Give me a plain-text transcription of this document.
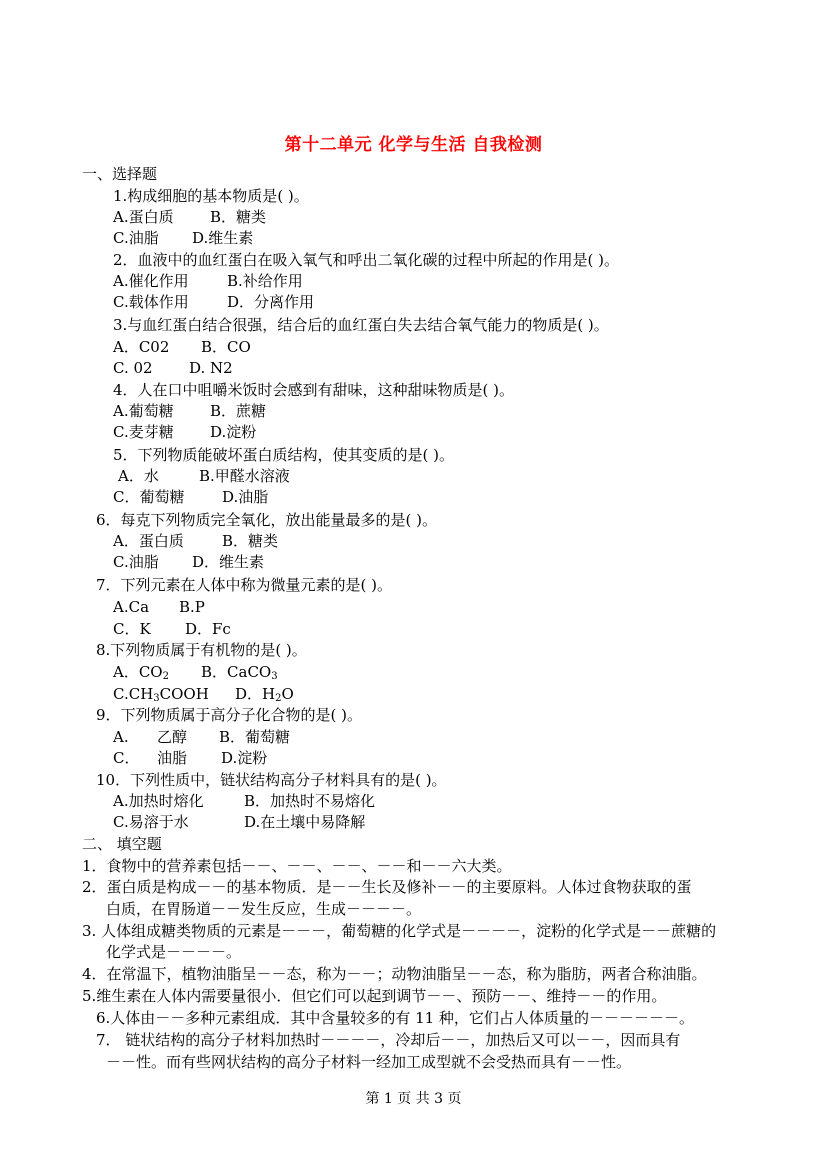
第十二单元 化学与生活 自我检测
一、选择题
1.构成细胞的基本物质是( )。
A.蛋白质 B．糖类
C.油脂 D.维生素
2．血液中的血红蛋白在吸入氧气和呼出二氧化碳的过程中所起的作用是( )。
A.催化作用	B.补给作用
C.载体作用	D．分离作用
3.与血红蛋白结合很强，结合后的血红蛋白失去结合氧气能力的物质是( )。
A．C02 B．CO
C. 02 D. N2
4．人在口中咀嚼米饭时会感到有甜味，这种甜味物质是( )。
A.葡萄糖 B．蔗糖
C.麦芽糖 D.淀粉
5．下列物质能破坏蛋白质结构，使其变质的是( )。
A．水	B.甲醛水溶液
C．葡萄糖	D.油脂
6．每克下列物质完全氧化，放出能量最多的是( )。
A．蛋白质	B．糖类
C.油脂 D．维生素
7．下列元素在人体中称为微量元素的是( )。
A.Ca B.P
C．K D．Fc
8.下列物质属于有机物的是( )。
A．$CO_2$ B．CaCO$_3$
$C.CH_3COOH$ D．$H_2O$
9．下列物质属于高分子化合物的是( )。
A. 乙醇 B．葡萄糖
C． 油脂 D.淀粉
10．下列性质中，链状结构高分子材料具有的是( )。
A.加热时熔化	B．加热时不易熔化
C.易溶于水	D.在土壤中易降解
二、 填空题
1．食物中的营养素包括－－、－－、－－、－－和－－六大类。
2．蛋白质是构成－－的基本物质．是－－生长及修补－－的主要原料。人体过食物获取的蛋
白质，在胃肠道－－发生反应，生成－－－－。
3. 人体组成糖类物质的元素是－－－，葡萄糖的化学式是－－－－，淀粉的化学式是－－蔗糖的
化学式是－－－－。
4．在常温下，植物油脂呈－－态，称为－－；动物油脂呈－－态，称为脂肪，两者合称油脂。
5.维生素在人体内需要量很小．但它们可以起到调节－－、预防－－、维持－－的作用。
6.人体由－－多种元素组成．其中含量较多的有 11 种，它们占人体质量的－－－－－－。
7． 链状结构的高分子材料加热时－－－－，冷却后－－，加热后又可以－－，因而具有
－－性。而有些网状结构的高分子材料一经加工成型就不会受热而具有－－性。
第 1 页 共 3 页
